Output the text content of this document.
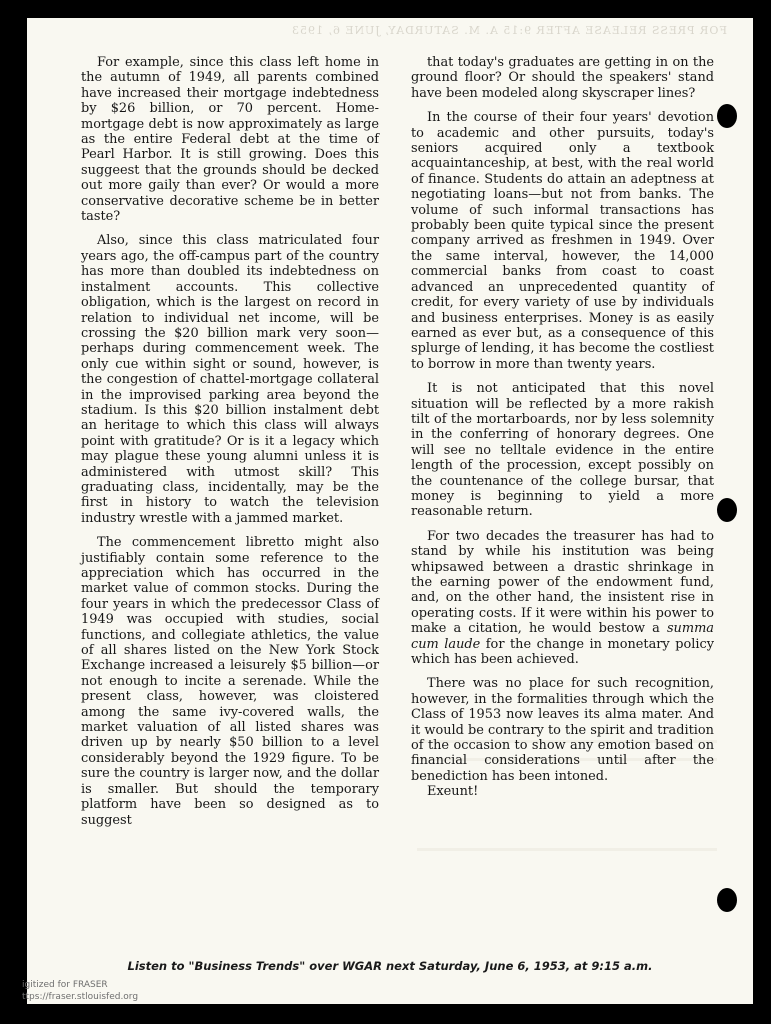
FOR PRESS RELEASE AFTER 9:15 A. M. SATURDAY, JUNE 6, 1953

For example, since this class left home in the autumn of 1949, all parents combined have increased their mortgage indebtedness by $26 billion, or 70 percent. Home-mortgage debt is now approximately as large as the entire Federal debt at the time of Pearl Harbor. It is still growing. Does this suggeest that the grounds should be decked out more gaily than ever? Or would a more conservative decorative scheme be in better taste?

Also, since this class matriculated four years ago, the off-campus part of the country has more than doubled its indebtedness on instalment accounts. This collective obligation, which is the largest on record in relation to individual net income, will be crossing the $20 billion mark very soon—perhaps during commencement week. The only cue within sight or sound, however, is the congestion of chattel-mortgage collateral in the improvised parking area beyond the stadium. Is this $20 billion instalment debt an heritage to which this class will always point with gratitude? Or is it a legacy which may plague these young alumni unless it is administered with utmost skill? This graduating class, incidentally, may be the first in history to watch the television industry wrestle with a jammed market.

The commencement libretto might also justifiably contain some reference to the appreciation which has occurred in the market value of common stocks. During the four years in which the predecessor Class of 1949 was occupied with studies, social functions, and collegiate athletics, the value of all shares listed on the New York Stock Exchange increased a leisurely $5 billion—or not enough to incite a serenade. While the present class, however, was cloistered among the same ivy-covered walls, the market valuation of all listed shares was driven up by nearly $50 billion to a level considerably beyond the 1929 figure. To be sure the country is larger now, and the dollar is smaller. But should the temporary platform have been so designed as to suggest

that today's graduates are getting in on the ground floor? Or should the speakers' stand have been modeled along skyscraper lines?

In the course of their four years' devotion to academic and other pursuits, today's seniors acquired only a textbook acquaintanceship, at best, with the real world of finance. Students do attain an adeptness at negotiating loans—but not from banks. The volume of such informal transactions has probably been quite typical since the present company arrived as freshmen in 1949. Over the same interval, however, the 14,000 commercial banks from coast to coast advanced an unprecedented quantity of credit, for every variety of use by individuals and business enterprises. Money is as easily earned as ever but, as a consequence of this splurge of lending, it has become the costliest to borrow in more than twenty years.

It is not anticipated that this novel situation will be reflected by a more rakish tilt of the mortarboards, nor by less solemnity in the conferring of honorary degrees. One will see no telltale evidence in the entire length of the procession, except possibly on the countenance of the college bursar, that money is beginning to yield a more reasonable return.

For two decades the treasurer has had to stand by while his institution was being whipsawed between a drastic shrinkage in the earning power of the endowment fund, and, on the other hand, the insistent rise in operating costs. If it were within his power to make a citation, he would bestow a summa cum laude for the change in monetary policy which has been achieved.

There was no place for such recognition, however, in the formalities through which the Class of 1953 now leaves its alma mater. And it would be contrary to the spirit and tradition of the occasion to show any emotion based on financial considerations until after the benediction has been intoned.

Exeunt!

Listen to "Business Trends" over WGAR next Saturday, June 6, 1953, at 9:15 a.m.
igitized for FRASER
ttps://fraser.stlouisfed.org
